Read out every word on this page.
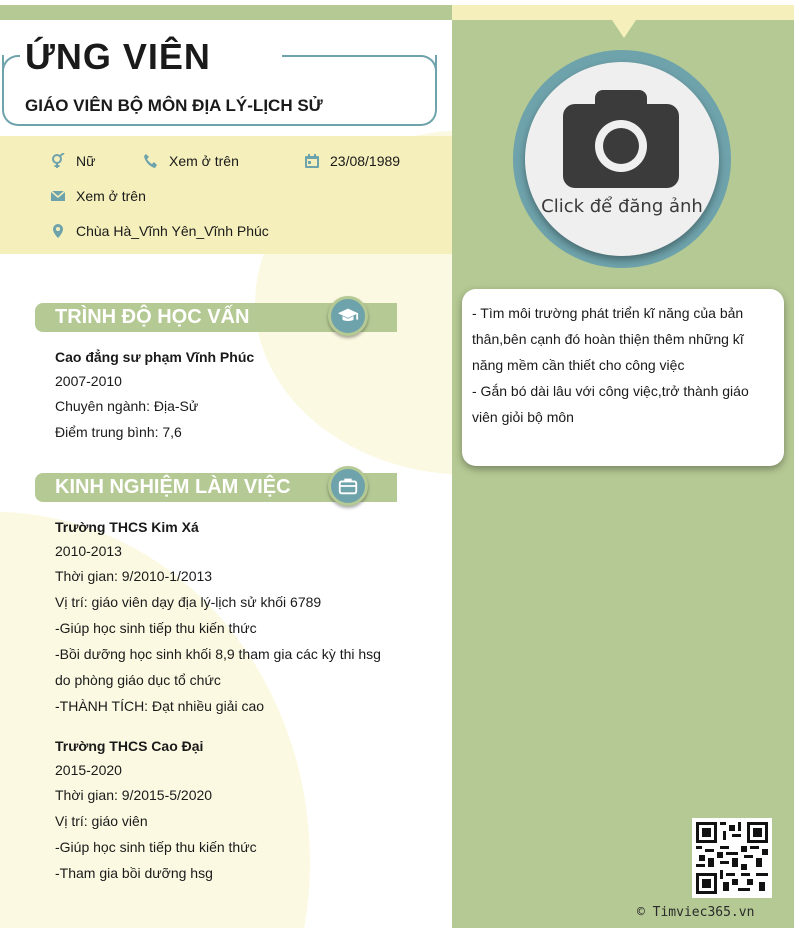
ỨNG VIÊN
GIÁO VIÊN BỘ MÔN ĐỊA LÝ-LỊCH SỬ
Nữ	Xem ở trên	23/08/1989
Xem ở trên
Chùa Hà_Vĩnh Yên_Vĩnh Phúc
TRÌNH ĐỘ HỌC VẤN
Cao đẳng sư phạm Vĩnh Phúc
2007-2010
Chuyên ngành: Địa-Sử
Điểm trung bình: 7,6
KINH NGHIỆM LÀM VIỆC
Trường THCS Kim Xá
2010-2013
Thời gian: 9/2010-1/2013
Vị trí: giáo viên dạy địa lý-lịch sử khối 6789
-Giúp học sinh tiếp thu kiến thức
-Bồi dưỡng học sinh khối 8,9 tham gia các kỳ thi hsg
do phòng giáo dục tổ chức
-THÀNH TÍCH: Đạt nhiều giải cao
Trường THCS Cao Đại
2015-2020
Thời gian: 9/2015-5/2020
Vị trí: giáo viên
-Giúp học sinh tiếp thu kiến thức
-Tham gia bồi dưỡng hsg
Click để đăng ảnh

- Tìm môi trường phát triển kĩ năng của bản thân,bên cạnh đó hoàn thiện thêm những kĩ năng mềm cần thiết cho công việc

- Gắn bó dài lâu với công việc,trở thành giáo viên giỏi bộ môn

© Timviec365.vn
